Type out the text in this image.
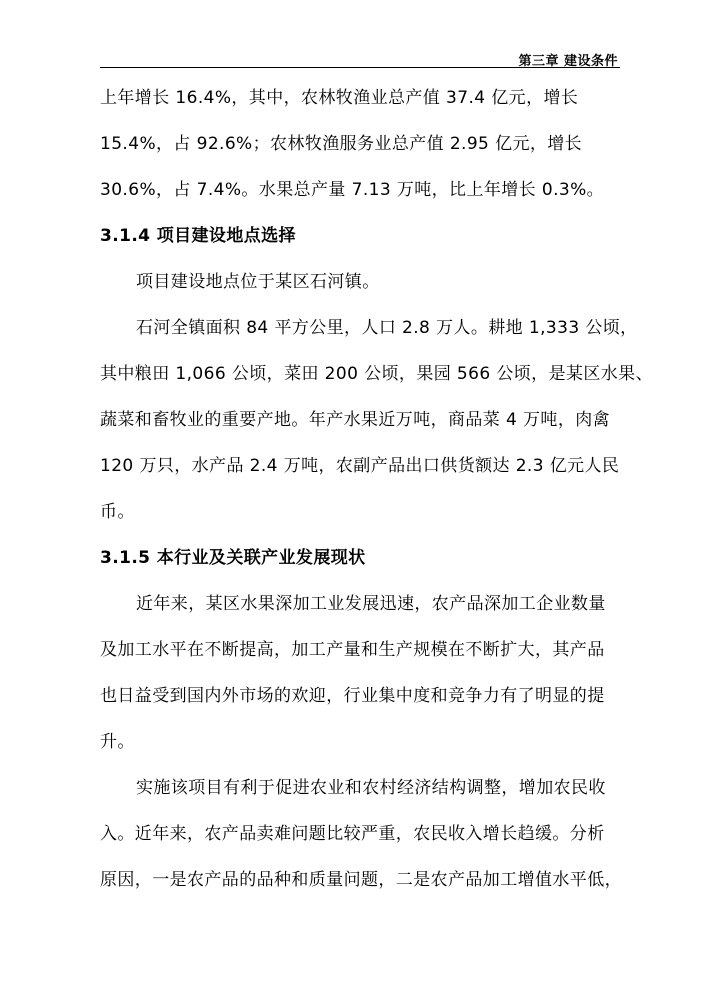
第三章 建设条件
上年增长 16.4%，其中，农林牧渔业总产值 37.4 亿元，增长
15.4%，占 92.6%；农林牧渔服务业总产值 2.95 亿元，增长
30.6%，占 7.4%。水果总产量 7.13 万吨，比上年增长 0.3%。
3.1.4 项目建设地点选择
项目建设地点位于某区石河镇。
石河全镇面积 84 平方公里，人口 2.8 万人。耕地 1,333 公顷，
其中粮田 1,066 公顷，菜田 200 公顷，果园 566 公顷，是某区水果、
蔬菜和畜牧业的重要产地。年产水果近万吨，商品菜 4 万吨，肉禽
120 万只，水产品 2.4 万吨，农副产品出口供货额达 2.3 亿元人民
币。
3.1.5 本行业及关联产业发展现状
近年来，某区水果深加工业发展迅速，农产品深加工企业数量
及加工水平在不断提高，加工产量和生产规模在不断扩大，其产品
也日益受到国内外市场的欢迎，行业集中度和竞争力有了明显的提
升。
实施该项目有利于促进农业和农村经济结构调整，增加农民收
入。近年来，农产品卖难问题比较严重，农民收入增长趋缓。分析
原因，一是农产品的品种和质量问题，二是农产品加工增值水平低，
